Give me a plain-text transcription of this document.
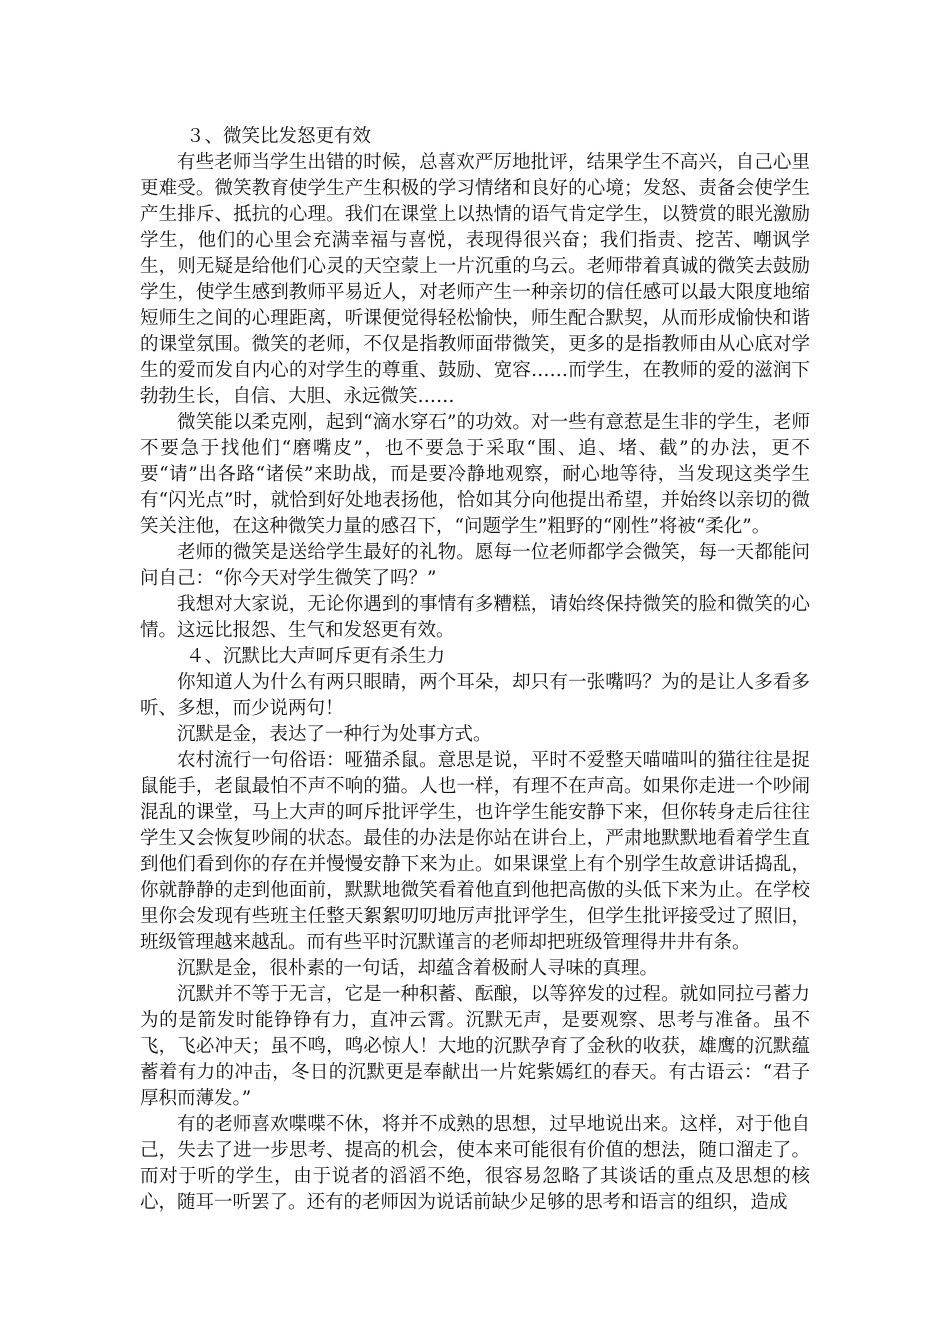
３、微笑比发怒更有效

有些老师当学生出错的时候，总喜欢严厉地批评，结果学生不高兴，自己心里更难受。微笑教育使学生产生积极的学习情绪和良好的心境；发怒、责备会使学生产生排斥、抵抗的心理。我们在课堂上以热情的语气肯定学生，以赞赏的眼光激励学生，他们的心里会充满幸福与喜悦，表现得很兴奋；我们指责、挖苦、嘲讽学生，则无疑是给他们心灵的天空蒙上一片沉重的乌云。老师带着真诚的微笑去鼓励学生，使学生感到教师平易近人，对老师产生一种亲切的信任感可以最大限度地缩短师生之间的心理距离，听课便觉得轻松愉快，师生配合默契，从而形成愉快和谐的课堂氛围。微笑的老师，不仅是指教师面带微笑，更多的是指教师由从心底对学生的爱而发自内心的对学生的尊重、鼓励、宽容……而学生，在教师的爱的滋润下勃勃生长，自信、大胆、永远微笑……

微笑能以柔克刚，起到“滴水穿石”的功效。对一些有意惹是生非的学生，老师不要急于找他们“磨嘴皮”，也不要急于采取“围、追、堵、截”的办法，更不要“请”出各路“诸侯”来助战，而是要冷静地观察，耐心地等待，当发现这类学生有“闪光点”时，就恰到好处地表扬他，恰如其分向他提出希望，并始终以亲切的微笑关注他，在这种微笑力量的感召下，“问题学生”粗野的“刚性”将被“柔化”。

老师的微笑是送给学生最好的礼物。愿每一位老师都学会微笑，每一天都能问问自己：“你今天对学生微笑了吗？”

我想对大家说，无论你遇到的事情有多糟糕，请始终保持微笑的脸和微笑的心情。这远比报怨、生气和发怒更有效。

４、沉默比大声呵斥更有杀生力

你知道人为什么有两只眼睛，两个耳朵，却只有一张嘴吗？为的是让人多看多听、多想，而少说两句！

沉默是金，表达了一种行为处事方式。

农村流行一句俗语：哑猫杀鼠。意思是说，平时不爱整天喵喵叫的猫往往是捉鼠能手，老鼠最怕不声不响的猫。人也一样，有理不在声高。如果你走进一个吵闹混乱的课堂，马上大声的呵斥批评学生，也许学生能安静下来，但你转身走后往往学生又会恢复吵闹的状态。最佳的办法是你站在讲台上，严肃地默默地看着学生直到他们看到你的存在并慢慢安静下来为止。如果课堂上有个别学生故意讲话捣乱，你就静静的走到他面前，默默地微笑看着他直到他把高傲的头低下来为止。在学校里你会发现有些班主任整天絮絮叨叨地厉声批评学生，但学生批评接受过了照旧，班级管理越来越乱。而有些平时沉默谨言的老师却把班级管理得井井有条。

沉默是金，很朴素的一句话，却蕴含着极耐人寻味的真理。

沉默并不等于无言，它是一种积蓄、酝酿，以等猝发的过程。就如同拉弓蓄力为的是箭发时能铮铮有力，直冲云霄。沉默无声，是要观察、思考与准备。虽不飞，飞必冲天；虽不鸣，鸣必惊人！大地的沉默孕育了金秋的收获，雄鹰的沉默蕴蓄着有力的冲击，冬日的沉默更是奉献出一片姹紫嫣红的春天。有古语云：“君子厚积而薄发。”

有的老师喜欢喋喋不休，将并不成熟的思想，过早地说出来。这样，对于他自己，失去了进一步思考、提高的机会，使本来可能很有价值的想法，随口溜走了。而对于听的学生，由于说者的滔滔不绝，很容易忽略了其谈话的重点及思想的核心，随耳一听罢了。还有的老师因为说话前缺少足够的思考和语言的组织，造成
